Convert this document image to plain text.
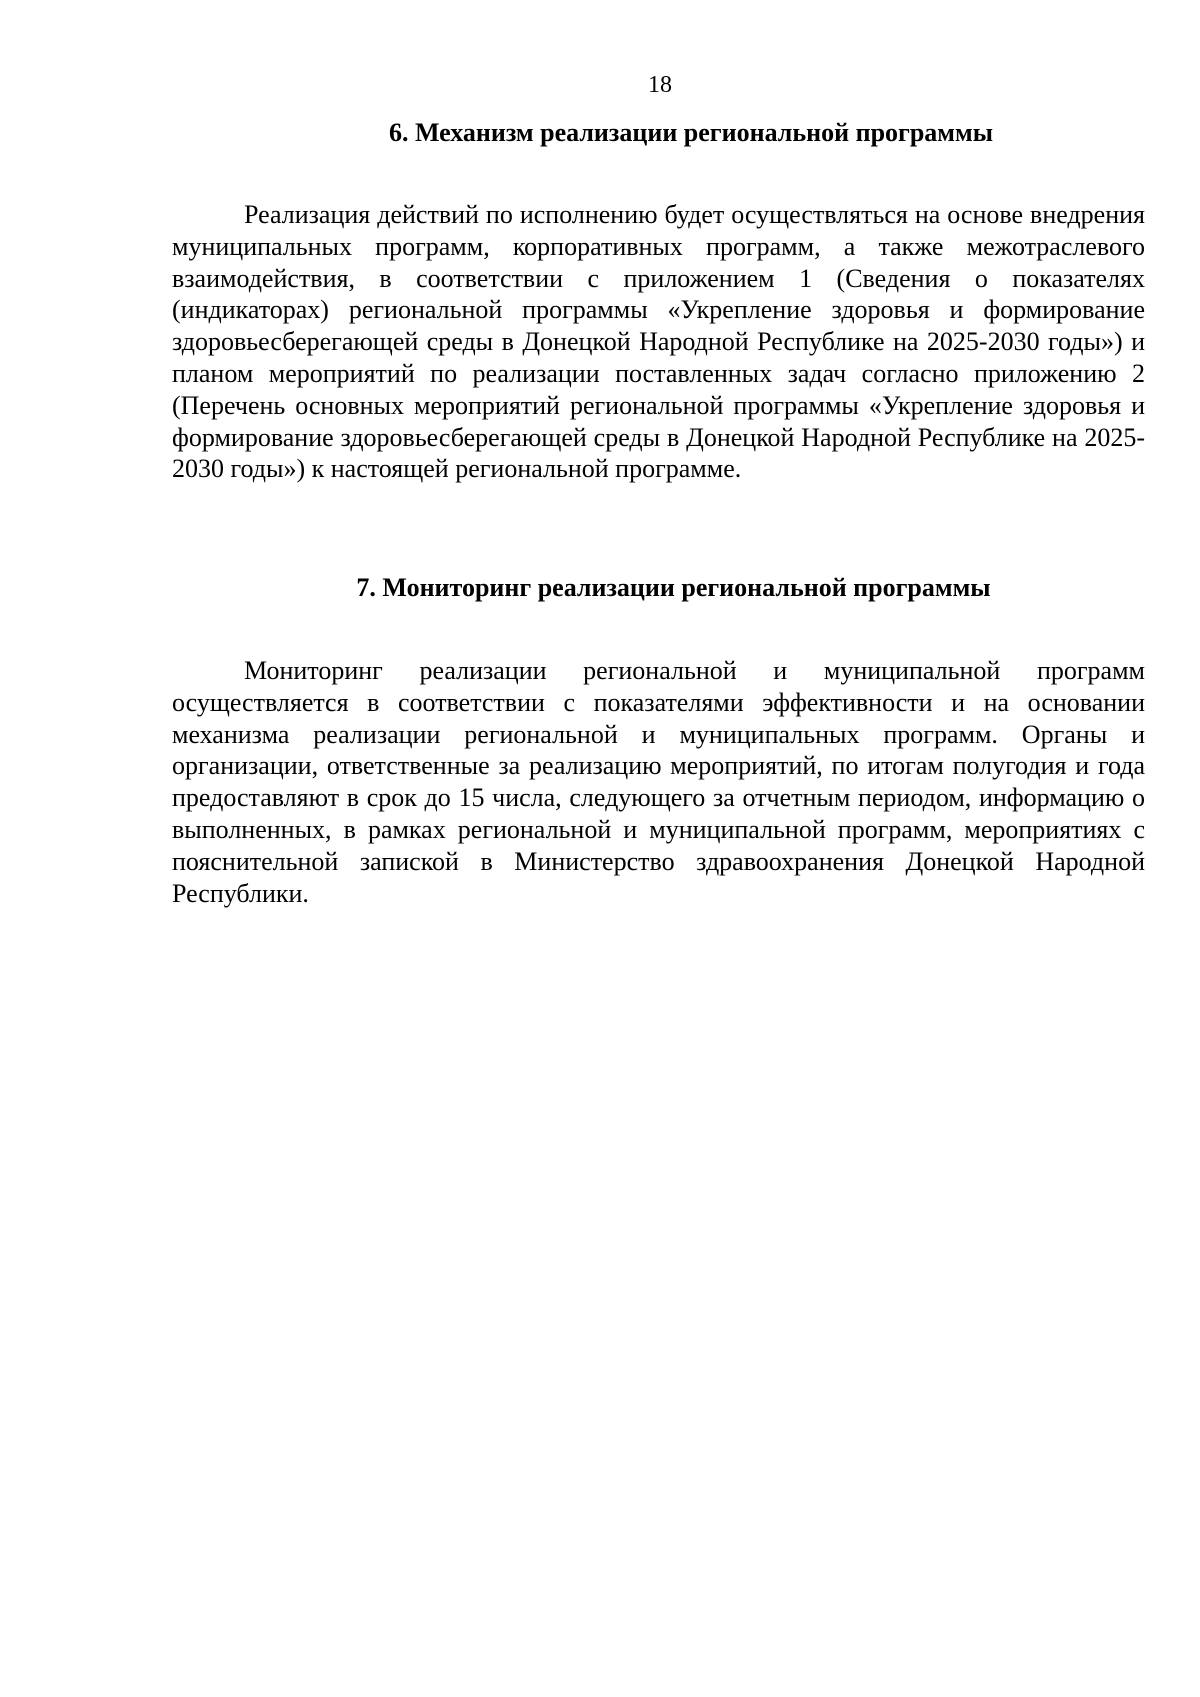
18
6. Механизм реализации региональной программы

Реализация действий по исполнению будет осуществляться на основе внедрения муниципальных программ, корпоративных программ, а также межотраслевого взаимодействия, в соответствии с приложением 1 (Сведения о показателях (индикаторах) региональной программы «Укрепление здоровья и формирование здоровьесберегающей среды в Донецкой Народной Республике на 2025-2030 годы») и планом мероприятий по реализации поставленных задач согласно приложению 2 (Перечень основных мероприятий региональной программы «Укрепление здоровья и формирование здоровьесберегающей среды в Донецкой Народной Республике на 2025-2030 годы») к настоящей региональной программе.

7. Мониторинг реализации региональной программы

Мониторинг реализации региональной и муниципальной программ осуществляется в соответствии с показателями эффективности и на основании механизма реализации региональной и муниципальных программ. Органы и организации, ответственные за реализацию мероприятий, по итогам полугодия и года предоставляют в срок до 15 числа, следующего за отчетным периодом, информацию о выполненных, в рамках региональной и муниципальной программ, мероприятиях с пояснительной запиской в Министерство здравоохранения Донецкой Народной Республики.
